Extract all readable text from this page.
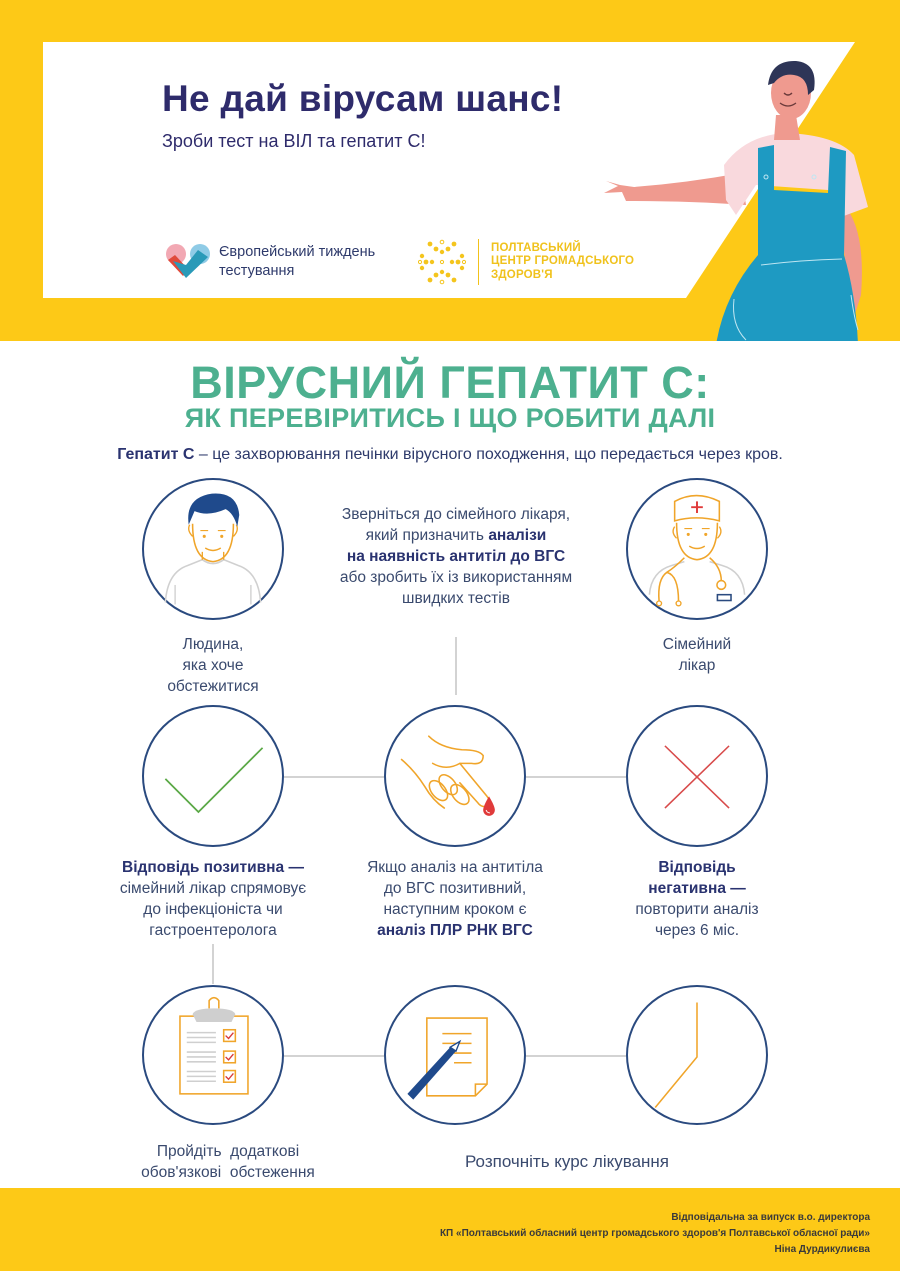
Не дай вірусам шанс!
Зроби тест на ВІЛ та гепатит С!
Європейський тиждень
тестування
ПОЛТАВСЬКИЙ
ЦЕНТР ГРОМАДСЬКОГО
ЗДОРОВ'Я
ВІРУСНИЙ ГЕПАТИТ С:
ЯК ПЕРЕВІРИТИСЬ І ЩО РОБИТИ ДАЛІ
Гепатит С – це захворювання печінки вірусного походження, що передається через кров.
Людина,
яка хоче
обстежитися
Зверніться до сімейного лікаря,
який призначить аналізи
на наявність антитіл до ВГС
або зробить їх із використанням
швидких тестів
Сімейний
лікар
Відповідь позитивна —
сімейний лікар спрямовує
до інфекціоніста чи
гастроентеролога
Якщо аналіз на антитіла
до ВГС позитивний,
наступним кроком є
аналіз ПЛР РНК ВГС
Відповідь
негативна —
повторити аналіз
через 6 міс.
Пройдіть  додаткові
обов'язкові  обстеження
Розпочніть курс лікування
Відповідальна за випуск в.о. директора
КП «Полтавський обласний центр громадського здоров'я Полтавської обласної ради»
Ніна Дурдикулиєва
